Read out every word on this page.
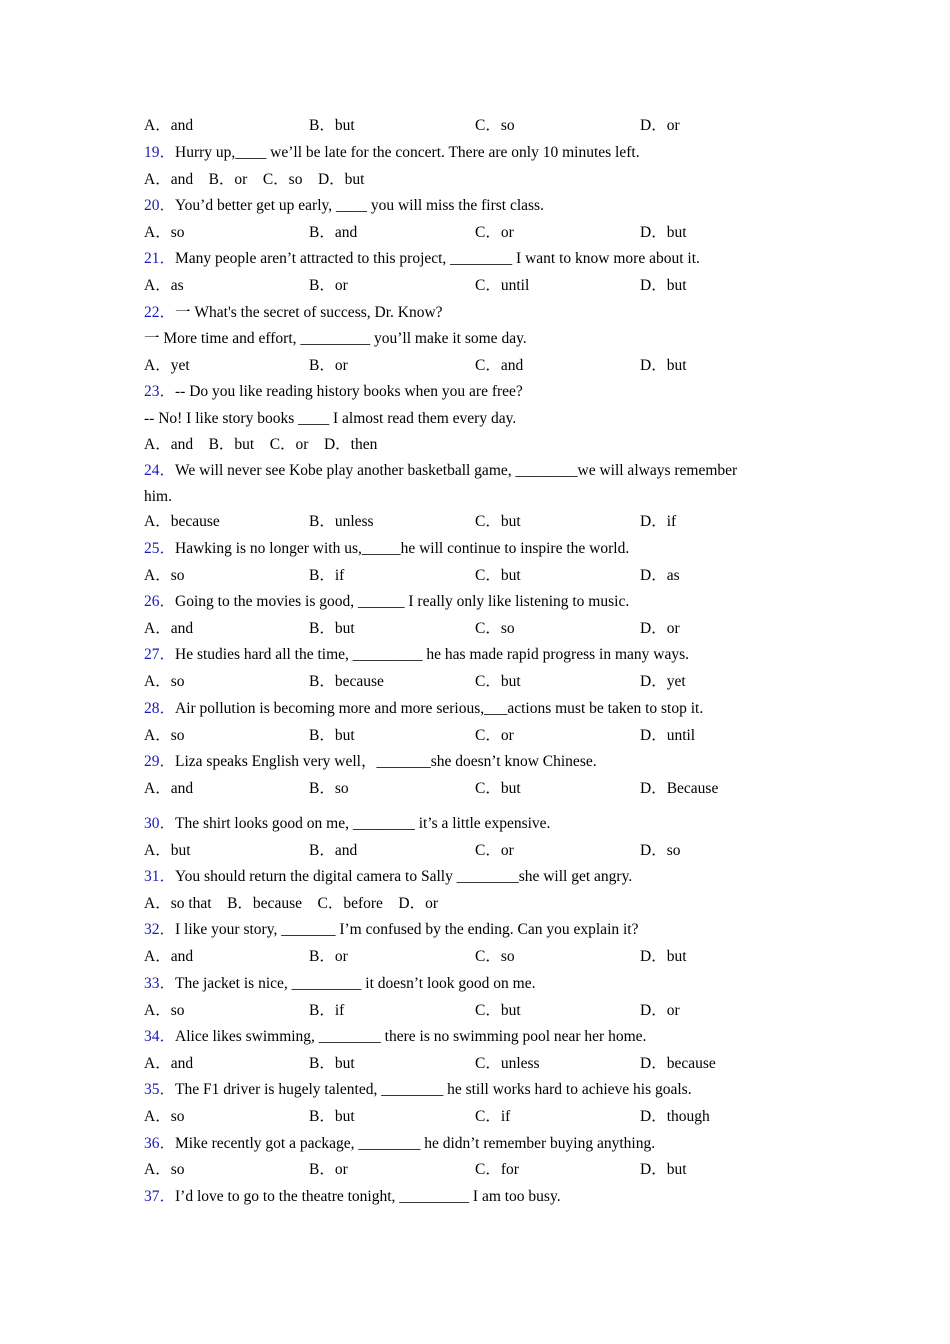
A．and	B．but	C．so	D．or
19．Hurry up,____ we’ll be late for the concert. There are only 10 minutes left.
A．and    B．or    C．so    D．but
20．You’d better get up early, ____ you will miss the first class.
A．so	B．and	C．or	D．but
21．Many people aren’t attracted to this project, ________ I want to know more about it.
A．as	B．or	C．until	D．but
22．一 What's the secret of success, Dr. Know?
一 More time and effort, _________ you’ll make it some day.
A．yet	B．or	C．and	D．but
23．-- Do you like reading history books when you are free?
-- No! I like story books ____ I almost read them every day.
A．and    B．but    C．or    D．then
24．We will never see Kobe play another basketball game, ________we will always remember
him.
A．because	B．unless	C．but	D．if
25．Hawking is no longer with us,_____he will continue to inspire the world.
A．so	B．if	C．but	D．as
26．Going to the movies is good, ______ I really only like listening to music.
A．and	B．but	C．so	D．or
27．He studies hard all the time, _________ he has made rapid progress in many ways.
A．so	B．because	C．but	D．yet
28．Air pollution is becoming more and more serious,___actions must be taken to stop it.
A．so	B．but	C．or	D．until
29．Liza speaks English very well，_______she doesn’t know Chinese.
A．and	B．so	C．but	D．Because
30．The shirt looks good on me, ________ it’s a little expensive.
A．but	B．and	C．or	D．so
31．You should return the digital camera to Sally ________she will get angry.
A．so that    B．because    C．before    D．or
32．I like your story, _______ I’m confused by the ending. Can you explain it?
A．and	B．or	C．so	D．but
33．The jacket is nice, _________ it doesn’t look good on me.
A．so	B．if	C．but	D．or
34．Alice likes swimming, ________ there is no swimming pool near her home.
A．and	B．but	C．unless	D．because
35．The F1 driver is hugely talented, ________ he still works hard to achieve his goals.
A．so	B．but	C．if	D．though
36．Mike recently got a package, ________ he didn’t remember buying anything.
A．so	B．or	C．for	D．but
37．I’d love to go to the theatre tonight, _________ I am too busy.
